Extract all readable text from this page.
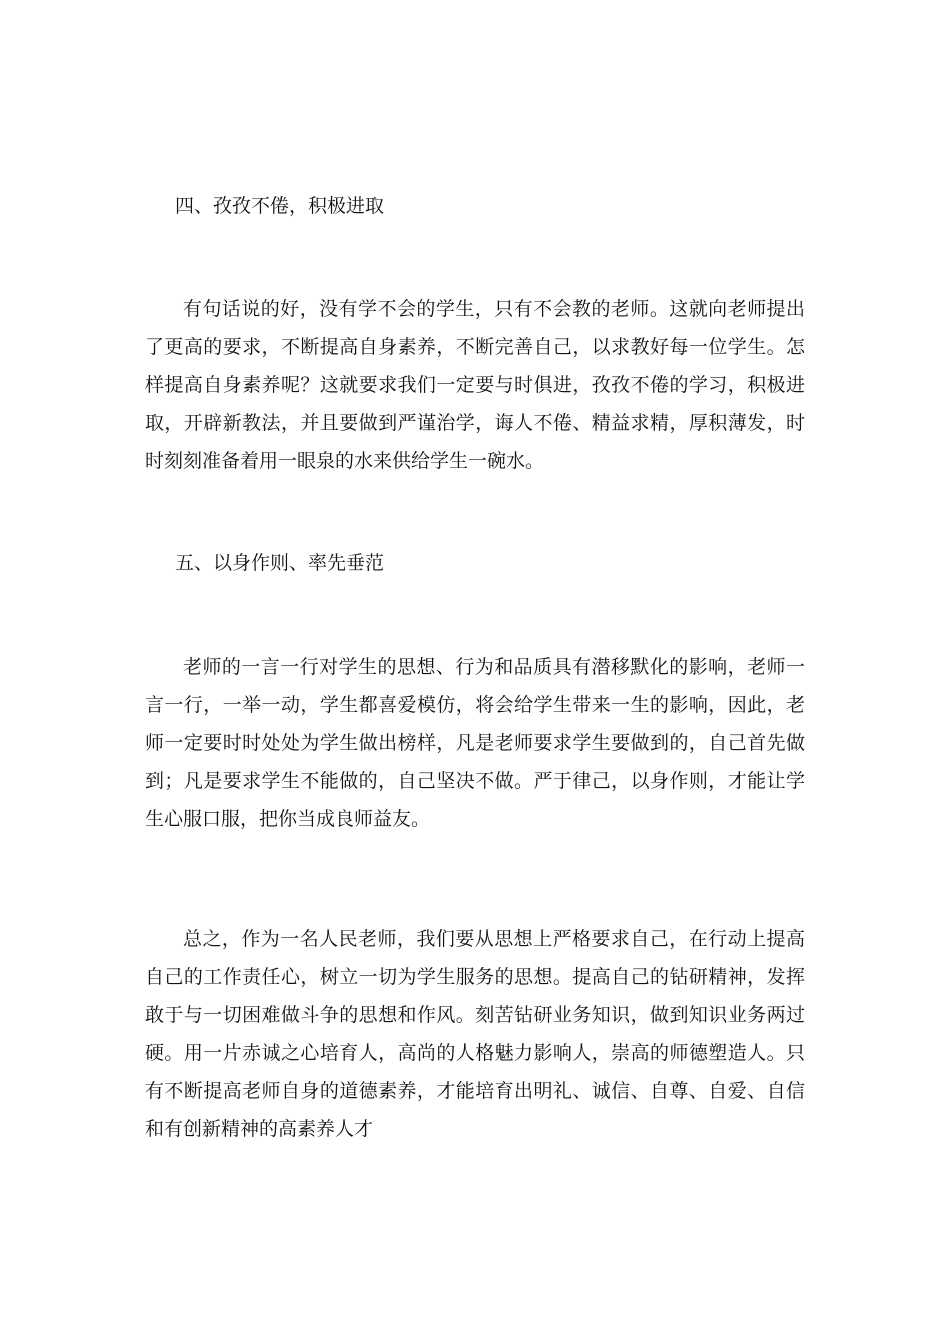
四、孜孜不倦，积极进取

有句话说的好，没有学不会的学生，只有不会教的老师。这就向老师提出了更高的要求，不断提高自身素养，不断完善自己，以求教好每一位学生。怎样提高自身素养呢？这就要求我们一定要与时俱进，孜孜不倦的学习，积极进取，开辟新教法，并且要做到严谨治学，诲人不倦、精益求精，厚积薄发，时时刻刻准备着用一眼泉的水来供给学生一碗水。

五、以身作则、率先垂范

老师的一言一行对学生的思想、行为和品质具有潜移默化的影响，老师一言一行，一举一动，学生都喜爱模仿，将会给学生带来一生的影响，因此，老师一定要时时处处为学生做出榜样，凡是老师要求学生要做到的，自己首先做到；凡是要求学生不能做的，自己坚决不做。严于律己，以身作则，才能让学生心服口服，把你当成良师益友。

总之，作为一名人民老师，我们要从思想上严格要求自己，在行动上提高自己的工作责任心，树立一切为学生服务的思想。提高自己的钻研精神，发挥敢于与一切困难做斗争的思想和作风。刻苦钻研业务知识，做到知识业务两过硬。用一片赤诚之心培育人，高尚的人格魅力影响人，崇高的师德塑造人。只有不断提高老师自身的道德素养，才能培育出明礼、诚信、自尊、自爱、自信和有创新精神的高素养人才
